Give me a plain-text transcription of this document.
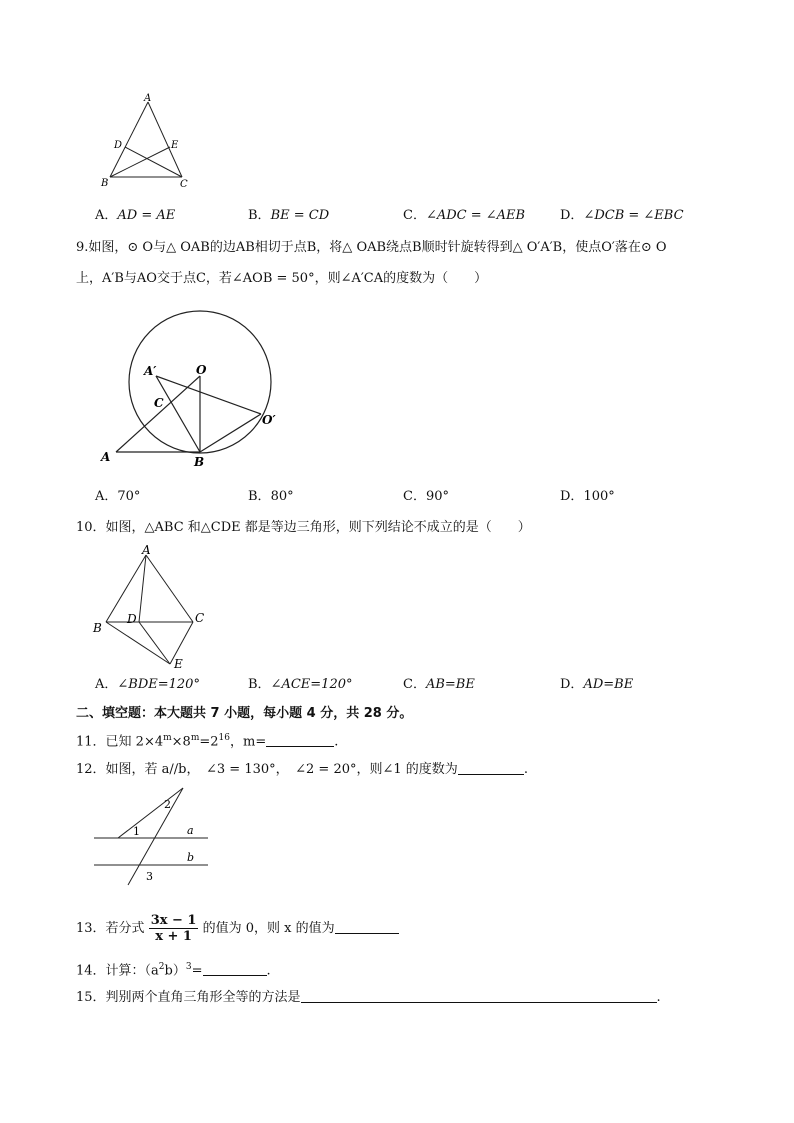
A
D	E
B	C
A．AD = AE	B．BE = CD	C．∠ADC = ∠AEB	D．∠DCB = ∠EBC
9.如图，⊙ O与△ OAB的边AB相切于点B，将△ OAB绕点B顺时针旋转得到△ O′A′B，使点O′落在⊙ O
上，A′B与AO交于点C，若∠AOB = 50°，则∠A′CA的度数为（　　）
A′	O
C
O′
A	B
A．70°	B．80°	C．90°	D．100°
10．如图，△ABC 和△CDE 都是等边三角形，则下列结论不成立的是（　　）
A
B
D	C
E
A．∠BDE=120°	B．∠ACE=120°	C．AB=BE	D．AD=BE
二、填空题：本大题共 7 小题，每小题 4 分，共 28 分。
11．已知 $2\times 4^m\times 8^m=2^{16}$，m=	.
12．如图，若 a//b，　∠3 = 130°，　∠2 = 20°，则∠1 的度数为	.
1
2
3
a
b
13．若分式 $\frac{3x - 1}{x + 1}$ 的值为 0，则 x 的值为
14．计算：$(a^2b)^3=$	.
15．判别两个直角三角形全等的方法是	.
